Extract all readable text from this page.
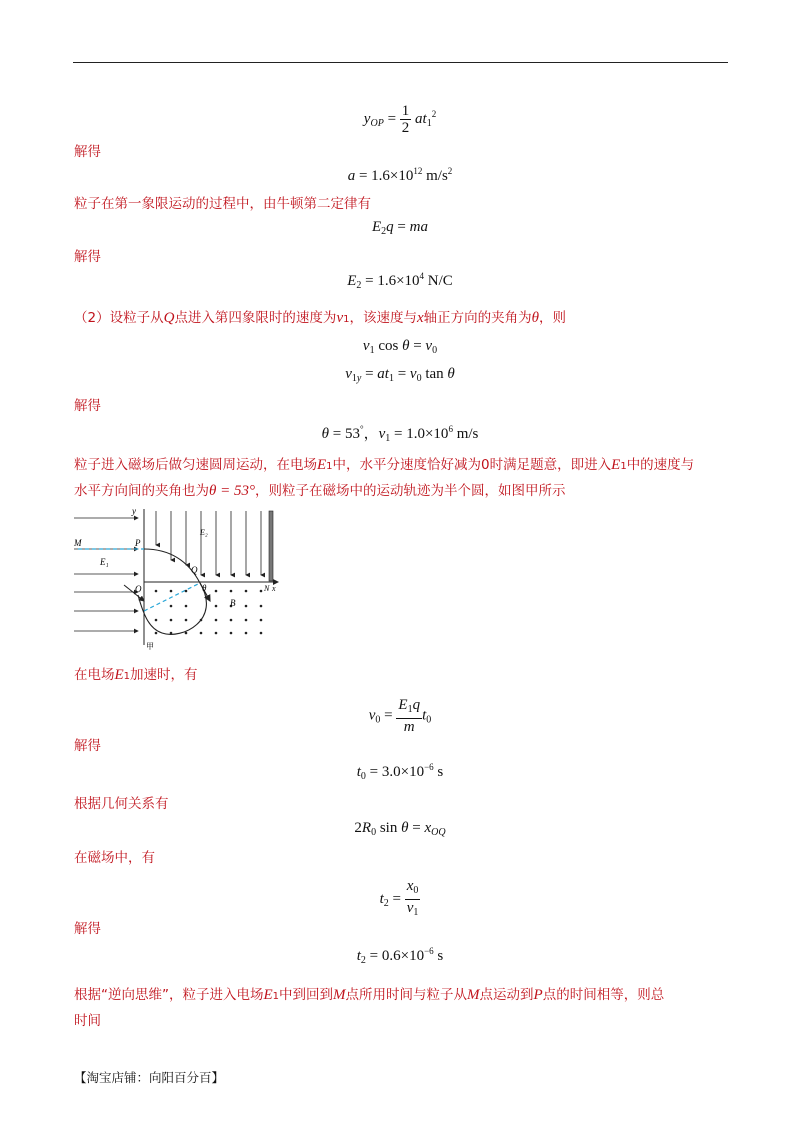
$y_{OP} = \frac{1}{2} at_1^2$
解得
$a = 1.6\times 10^{12}$ $m/s^2$
粒子在第一象限运动的过程中，由牛顿第二定律有
$E_2q$ = ma
解得
$E_2 = 1.6\times 10^4$ N/C
（2）设粒子从Q点进入第四象限时的速度为v1，该速度与x轴正方向的夹角为θ，则
$v_1$ $\cos \theta = v_0$
$v_{1y} = at_1 = v_0$ tan θ
解得
θ = 53°，$v_1 = 1.0\times 10^6$ m/s
粒子进入磁场后做匀速圆周运动，在电场E1中，水平分速度恰好减为0时满足题意，即进入E1中的速度与
水平方向间的夹角也为θ = 53°，则粒子在磁场中的运动轨迹为半个圆，如图甲所示
y
M	P
E₂
E₁
O
Q
θ
B
N x
甲
在电场E1加速时，有
$v_0 = \frac{E_1q}{m} t_0$
解得
$t_0 = 3.0\times 10^{-6}$ s
根据几何关系有
$2R_0$ $\sin \theta = x_{OQ}$
在磁场中，有
$t_2 = \frac{x_0}{v_1}$
解得
$t_2 = 0.6\times 10^{-6}$ s
根据“逆向思维”，粒子进入电场E1中到回到M点所用时间与粒子从M点运动到P点的时间相等，则总
时间
【淘宝店铺：向阳百分百】
